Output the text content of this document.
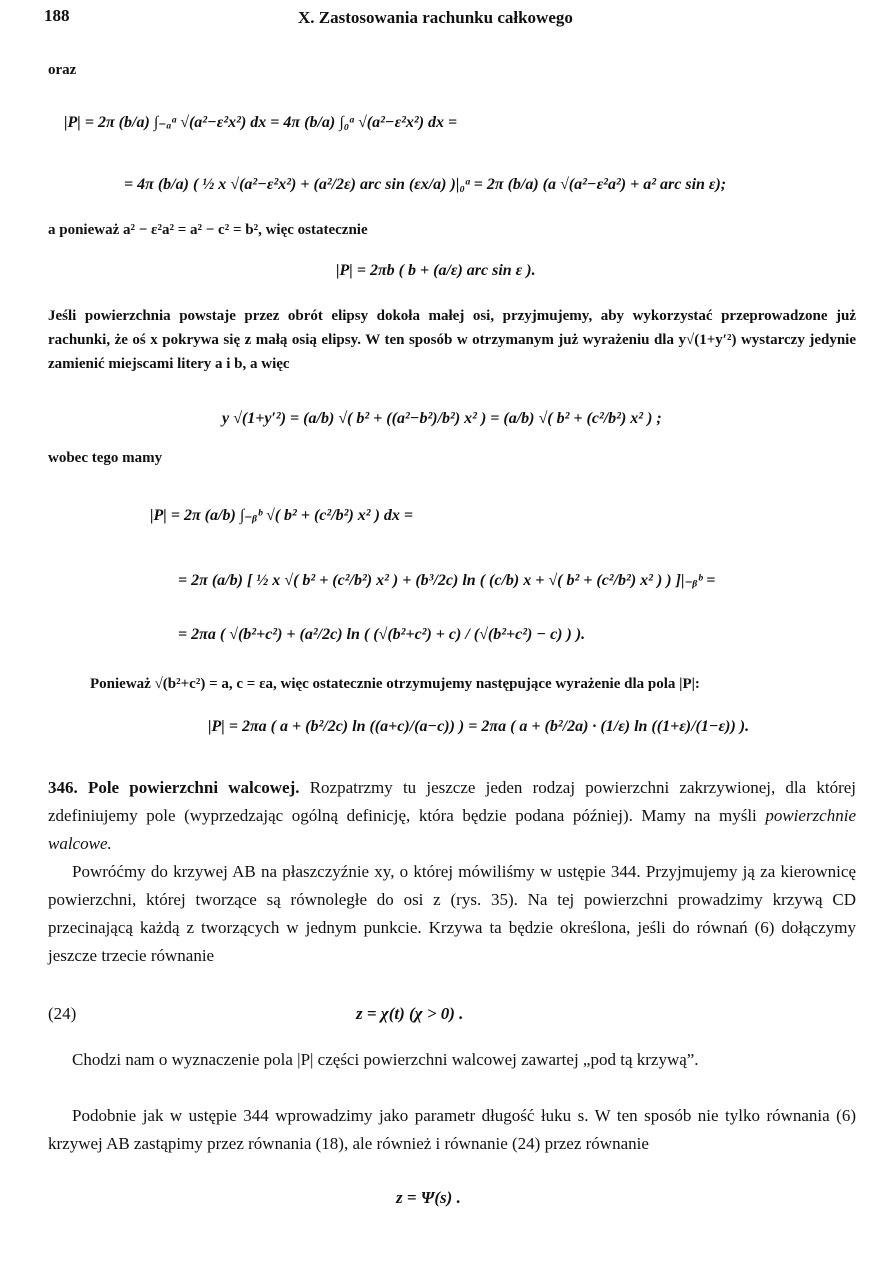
188	X. Zastosowania rachunku całkowego
oraz
|P| = 2π (b/a) ∫₋ₐᵃ √(a²−ε²x²) dx = 4π (b/a) ∫₀ᵃ √(a²−ε²x²) dx =
= 4π (b/a) ( ½ x √(a²−ε²x²) + (a²/2ε) arc sin (εx/a) )|₀ᵃ = 2π (b/a) (a √(a²−ε²a²) + a² arc sin ε);
a ponieważ a² − ε²a² = a² − c² = b², więc ostatecznie
|P| = 2πb ( b + (a/ε) arc sin ε ).
Jeśli powierzchnia powstaje przez obrót elipsy dokoła małej osi, przyjmujemy, aby wykorzystać przeprowadzone już rachunki, że oś x pokrywa się z małą osią elipsy. W ten sposób w otrzymanym już wyrażeniu dla y√(1+y′²) wystarczy jedynie zamienić miejscami litery a i b, a więc
y √(1+y′²) = (a/b) √( b² + ((a²−b²)/b²) x² ) = (a/b) √( b² + (c²/b²) x² ) ;
wobec tego mamy
|P| = 2π (a/b) ∫₋ᵦᵇ √( b² + (c²/b²) x² ) dx =
= 2π (a/b) [ ½ x √( b² + (c²/b²) x² ) + (b³/2c) ln ( (c/b) x + √( b² + (c²/b²) x² ) ) ]|₋ᵦᵇ =
= 2πa ( √(b²+c²) + (a²/2c) ln ( (√(b²+c²) + c) / (√(b²+c²) − c) ) ).
Ponieważ √(b²+c²) = a, c = εa, więc ostatecznie otrzymujemy następujące wyrażenie dla pola |P|:
|P| = 2πa ( a + (b²/2c) ln ((a+c)/(a−c)) ) = 2πa ( a + (b²/2a) · (1/ε) ln ((1+ε)/(1−ε)) ).
346. Pole powierzchni walcowej. Rozpatrzmy tu jeszcze jeden rodzaj powierzchni zakrzywionej, dla której zdefiniujemy pole (wyprzedzając ogólną definicję, która będzie podana później). Mamy na myśli powierzchnie walcowe.
Powróćmy do krzywej AB na płaszczyźnie xy, o której mówiliśmy w ustępie 344. Przyjmujemy ją za kierownicę powierzchni, której tworzące są równoległe do osi z (rys. 35). Na tej powierzchni prowadzimy krzywą CD przecinającą każdą z tworzących w jednym punkcie. Krzywa ta będzie określona, jeśli do równań (6) dołączymy jeszcze trzecie równanie
(24)	z = χ(t) (χ > 0) .
Chodzi nam o wyznaczenie pola |P| części powierzchni walcowej zawartej „pod tą krzywą”.
Podobnie jak w ustępie 344 wprowadzimy jako parametr długość łuku s. W ten sposób nie tylko równania (6) krzywej AB zastąpimy przez równania (18), ale również i równanie (24) przez równanie
z = Ψ(s) .
